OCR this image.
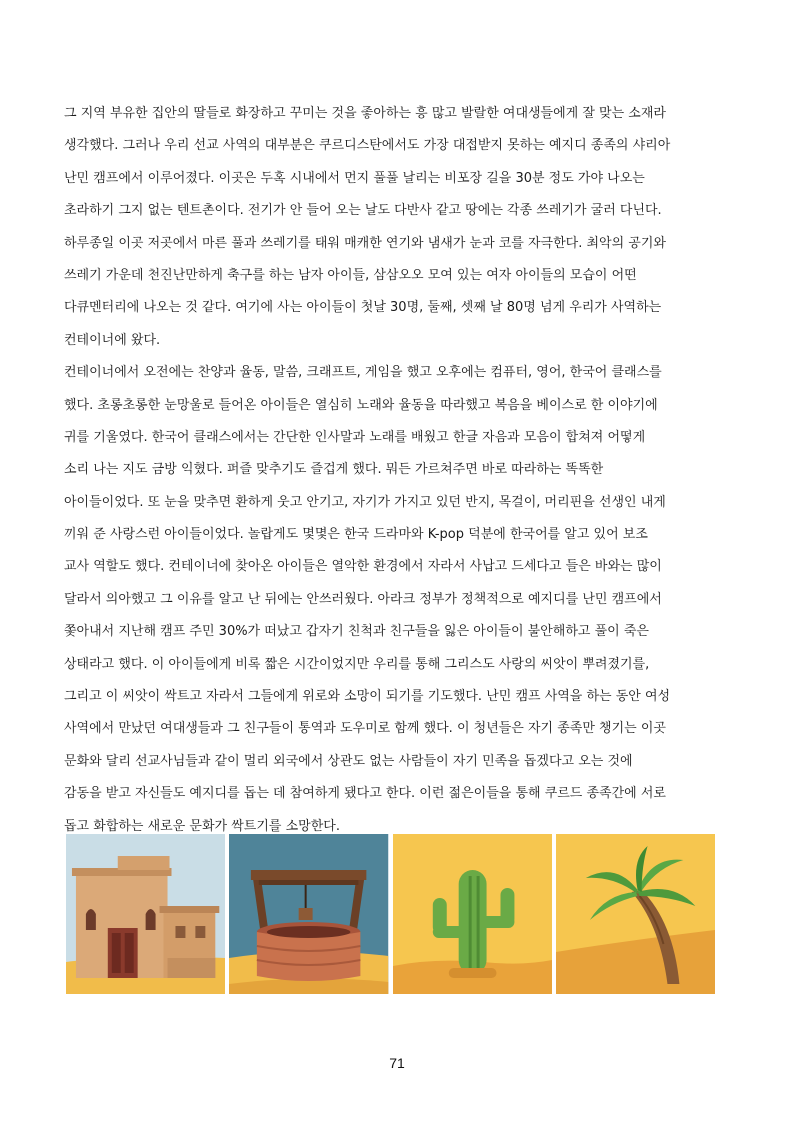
그 지역 부유한 집안의 딸들로 화장하고 꾸미는 것을 좋아하는 흥 많고 발랄한 여대생들에게 잘 맞는 소재라
생각했다. 그러나 우리 선교 사역의 대부분은 쿠르디스탄에서도 가장 대접받지 못하는 예지디 종족의 샤리아
난민 캠프에서 이루어졌다. 이곳은 두혹 시내에서 먼지 풀풀 날리는 비포장 길을 30분 정도 가야 나오는
초라하기 그지 없는 텐트촌이다. 전기가 안 들어 오는 날도 다반사 같고 땅에는 각종 쓰레기가 굴러 다닌다.
하루종일 이곳 저곳에서 마른 풀과 쓰레기를 태워 매캐한 연기와 냄새가 눈과 코를 자극한다. 최악의 공기와
쓰레기 가운데 천진난만하게 축구를 하는 남자 아이들, 삼삼오오 모여 있는 여자 아이들의 모습이 어떤
다큐멘터리에 나오는 것 같다. 여기에 사는 아이들이 첫날 30명, 둘째, 셋째 날 80명 넘게 우리가 사역하는
컨테이너에 왔다.
컨테이너에서 오전에는 찬양과 율동, 말씀, 크래프트, 게임을 했고 오후에는 컴퓨터, 영어, 한국어 클래스를
했다. 초롱초롱한 눈망울로 들어온 아이들은 열심히 노래와 율동을 따라했고 복음을 베이스로 한 이야기에
귀를 기울였다. 한국어 클래스에서는 간단한 인사말과 노래를 배웠고 한글 자음과 모음이 합쳐져 어떻게
소리 나는 지도 금방 익혔다. 퍼즐 맞추기도 즐겁게 했다. 뭐든 가르쳐주면 바로 따라하는 똑똑한
아이들이었다. 또 눈을 맞추면 환하게 웃고 안기고, 자기가 가지고 있던 반지, 목걸이, 머리핀을 선생인 내게
끼워 준 사랑스런 아이들이었다. 놀랍게도 몇몇은 한국 드라마와 K-pop 덕분에 한국어를 알고 있어 보조
교사 역할도 했다. 컨테이너에 찾아온 아이들은 열악한 환경에서 자라서 사납고 드세다고 들은 바와는 많이
달라서 의아했고 그 이유를 알고 난 뒤에는 안쓰러웠다. 아라크 정부가 정책적으로 예지디를 난민 캠프에서
쫓아내서 지난해 캠프 주민 30%가 떠났고 갑자기 친척과 친구들을 잃은 아이들이 불안해하고 풀이 죽은
상태라고 했다. 이 아이들에게 비록 짧은 시간이었지만 우리를 통해 그리스도 사랑의 씨앗이 뿌려졌기를,
그리고 이 씨앗이 싹트고 자라서 그들에게 위로와 소망이 되기를 기도했다. 난민 캠프 사역을 하는 동안 여성
사역에서 만났던 여대생들과 그 친구들이 통역과 도우미로 함께 했다. 이 청년들은 자기 종족만 챙기는 이곳
문화와 달리 선교사님들과 같이 멀리 외국에서 상관도 없는 사람들이 자기 민족을 돕겠다고 오는 것에
감동을 받고 자신들도 예지디를 돕는 데 참여하게 됐다고 한다. 이런 젊은이들을 통해 쿠르드 종족간에 서로
돕고 화합하는 새로운 문화가 싹트기를 소망한다.
71
